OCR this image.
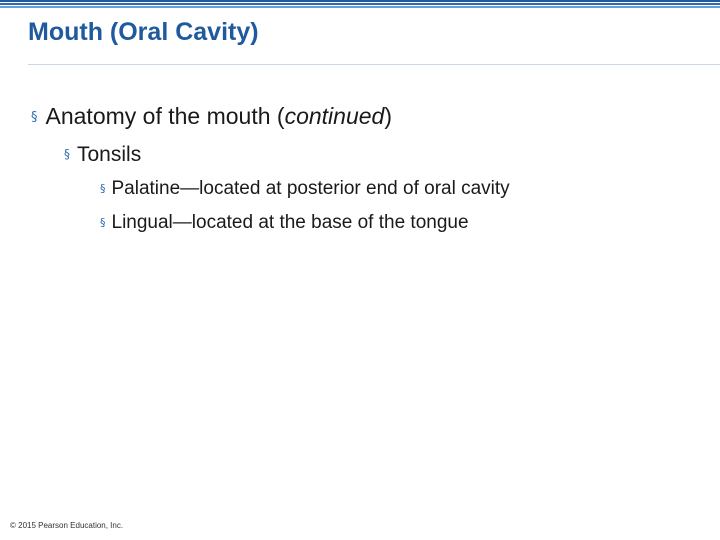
Mouth (Oral Cavity)
§ Anatomy of the mouth (continued)
§ Tonsils
§ Palatine—located at posterior end of oral cavity
§ Lingual—located at the base of the tongue
© 2015 Pearson Education, Inc.
